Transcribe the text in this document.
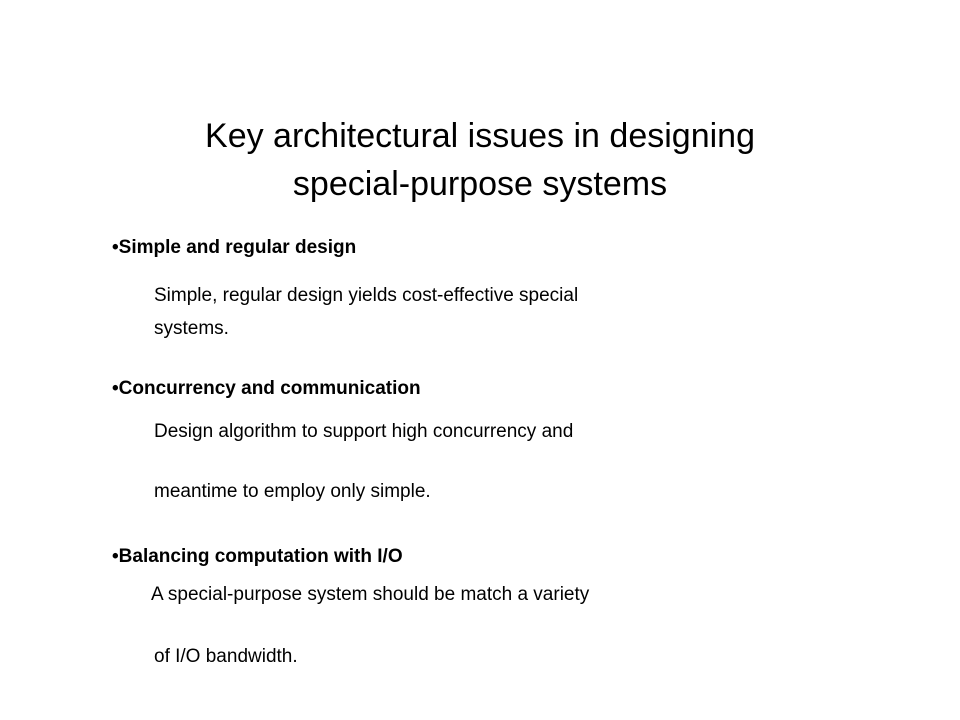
Key architectural issues in designing
special-purpose systems
•Simple and regular design
Simple, regular design yields cost-effective special
systems.
•Concurrency and communication
Design algorithm to support high concurrency and
meantime to employ only simple.
•Balancing computation with I/O
A special-purpose system should be match a variety
of I/O bandwidth.
